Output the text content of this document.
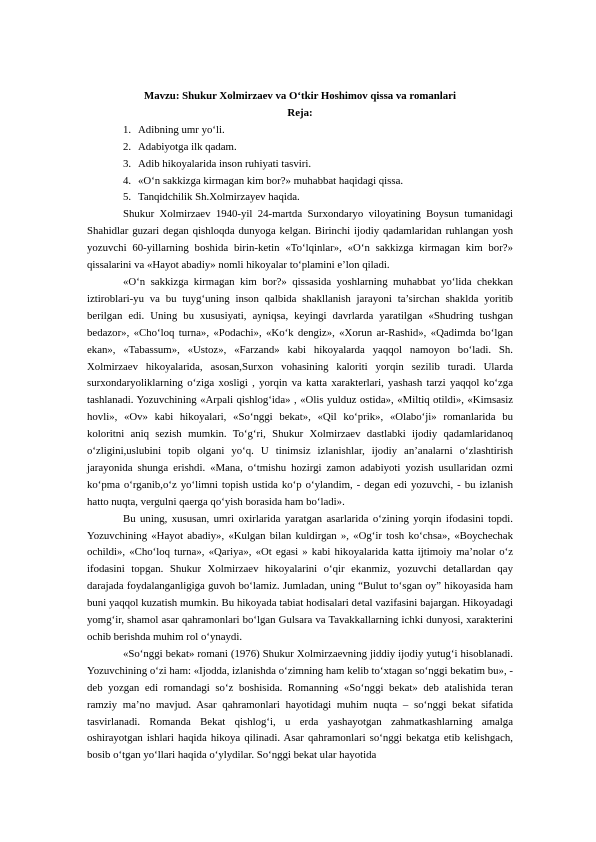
Mavzu: Shukur Xolmirzaev va O‘tkir Hoshimov qissa va romanlari

Reja:

1. Adibning umr yo‘li.
2. Adabiyotga ilk qadam.
3. Adib hikoyalarida inson ruhiyati tasviri.
4. «O‘n sakkizga kirmagan kim bor?» muhabbat haqidagi qissa.
5. Tanqidchilik Sh.Xolmirzayev haqida.

Shukur Xolmirzaev 1940-yil 24-martda Surxondaryo viloyatining Boysun tumanidagi Shahidlar guzari degan qishloqda dunyoga kelgan. Birinchi ijodiy qadamlaridan ruhlangan yosh yozuvchi 60-yillarning boshida birin-ketin «To‘lqinlar», «O‘n sakkizga kirmagan kim bor?» qissalarini va «Hayot abadiy» nomli hikoyalar to‘plamini e’lon qiladi.

«O‘n sakkizga kirmagan kim bor?» qissasida yoshlarning muhabbat yo‘lida chekkan iztiroblari-yu va bu tuyg‘uning inson qalbida shakllanish jarayoni ta’sirchan shaklda yoritib berilgan edi. Uning bu xususiyati, ayniqsa, keyingi davrlarda yaratilgan «Shudring tushgan bedazor», «Cho‘loq turna», «Podachi», «Ko‘k dengiz», «Xorun ar-Rashid», «Qadimda bo‘lgan ekan», «Tabassum», «Ustoz», «Farzand» kabi hikoyalarda yaqqol namoyon bo‘ladi. Sh. Xolmirzaev hikoyalarida, asosan,Surxon vohasining kaloriti yorqin sezilib turadi. Ularda surxondaryoliklarning o‘ziga xosligi , yorqin va katta xarakterlari, yashash tarzi yaqqol ko‘zga tashlanadi. Yozuvchining «Arpali qishlog‘ida» , «Olis yulduz ostida», «Miltiq otildi», «Kimsasiz hovli», «Ov» kabi hikoyalari, «So‘nggi bekat», «Qil ko‘prik», «Olabo‘ji» romanlarida bu koloritni aniq sezish mumkin. To‘g‘ri, Shukur Xolmirzaev dastlabki ijodiy qadamlaridanoq o‘zligini,uslubini topib olgani yo‘q. U tinimsiz izlanishlar, ijodiy an’analarni o‘zlashtirish jarayonida shunga erishdi. «Mana, o‘tmishu hozirgi zamon adabiyoti yozish usullaridan ozmi ko‘pma o‘rganib,o‘z yo‘limni topish ustida ko‘p o‘ylandim, - degan edi yozuvchi, - bu izlanish hatto nuqta, vergulni qaerga qo‘yish borasida ham bo‘ladi».

Bu uning, xususan, umri oxirlarida yaratgan asarlarida o‘zining yorqin ifodasini topdi. Yozuvchining «Hayot abadiy», «Kulgan bilan kuldirgan », «Og‘ir tosh ko‘chsa», «Boychechak ochildi», «Cho‘loq turna», «Qariya», «Ot egasi » kabi hikoyalarida katta ijtimoiy ma’nolar o‘z ifodasini topgan. Shukur Xolmirzaev hikoyalarini o‘qir ekanmiz, yozuvchi detallardan qay darajada foydalanganligiga guvoh bo‘lamiz. Jumladan, uning “Bulut to‘sgan oy” hikoyasida ham buni yaqqol kuzatish mumkin. Bu hikoyada tabiat hodisalari detal vazifasini bajargan. Hikoyadagi yomg‘ir, shamol asar qahramonlari bo‘lgan Gulsara va Tavakkallarning ichki dunyosi, xarakterini ochib berishda muhim rol o‘ynaydi.

«So‘nggi bekat» romani (1976) Shukur Xolmirzaevning jiddiy ijodiy yutug‘i hisoblanadi. Yozuvchining o‘zi ham: «Ijodda, izlanishda o‘zimning ham kelib to‘xtagan so‘nggi bekatim bu», - deb yozgan edi romandagi so‘z boshisida. Romanning «So‘nggi bekat» deb atalishida teran ramziy ma’no mavjud. Asar qahramonlari hayotidagi muhim nuqta – so‘nggi bekat sifatida tasvirlanadi. Romanda Bekat qishlog‘i, u erda yashayotgan zahmatkashlarning amalga oshirayotgan ishlari haqida hikoya qilinadi. Asar qahramonlari so‘nggi bekatga etib kelishgach, bosib o‘tgan yo‘llari haqida o‘ylydilar. So‘nggi bekat ular hayotida
